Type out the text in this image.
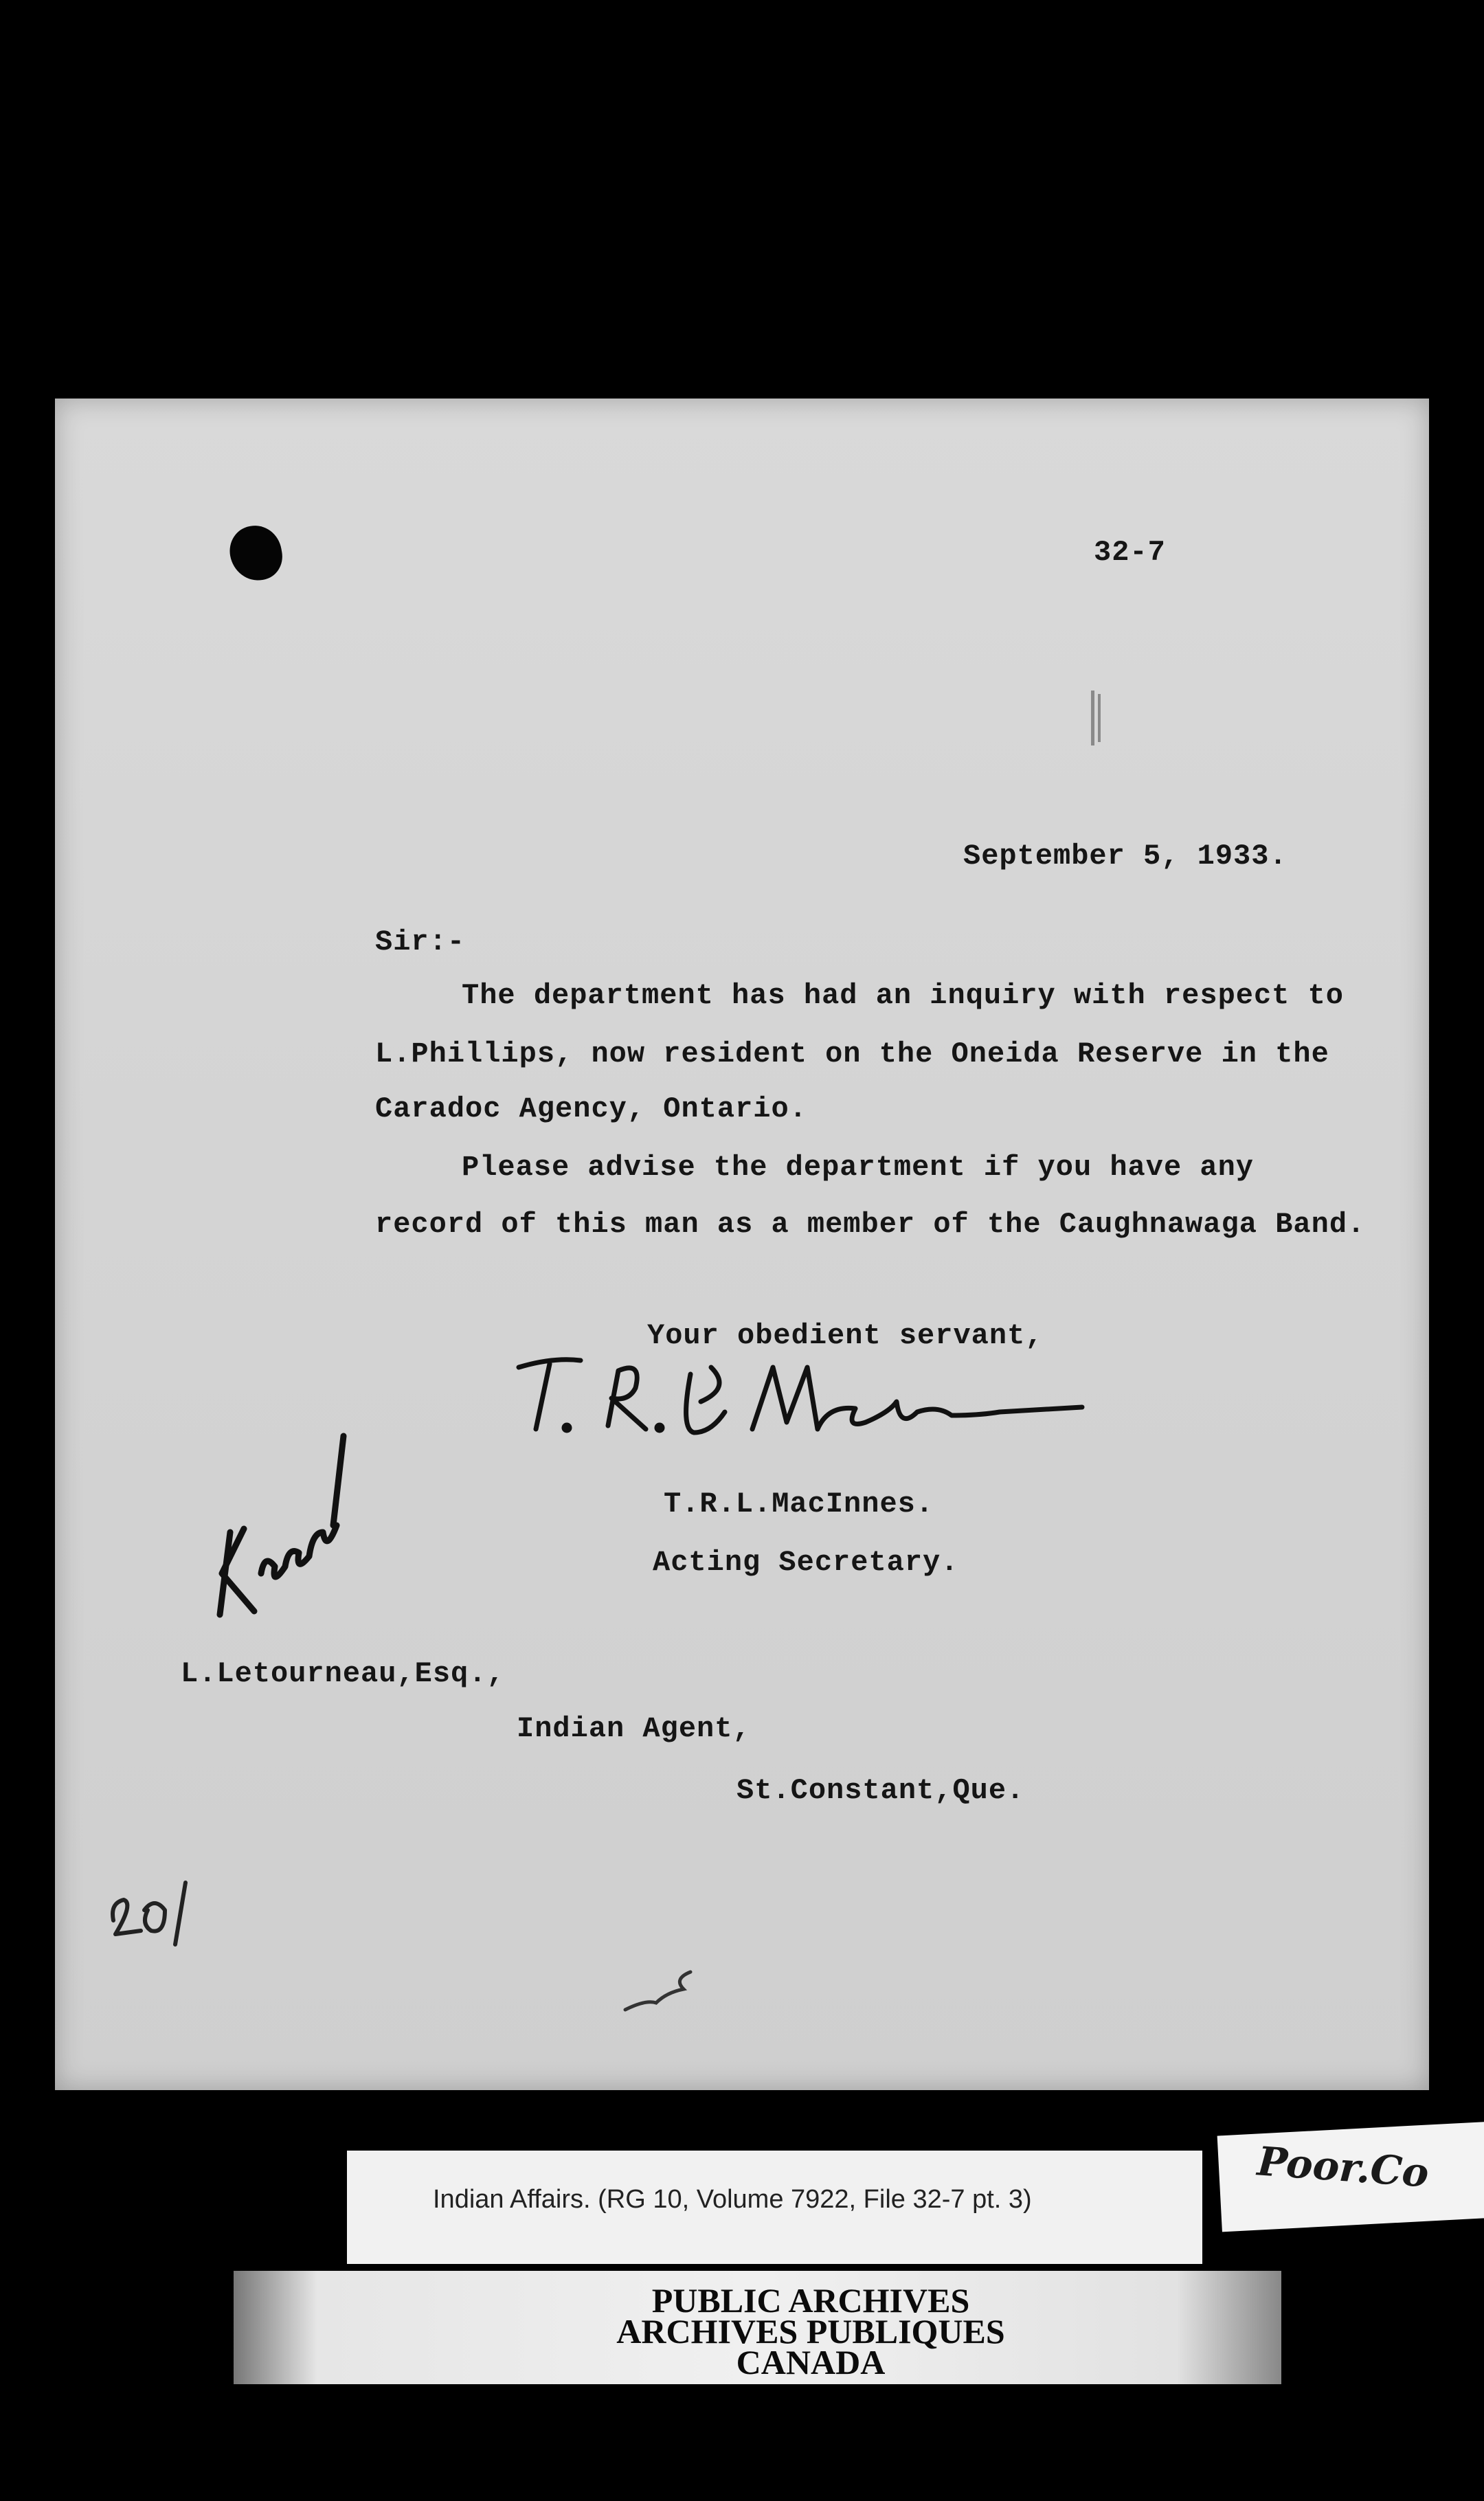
32-7
September 5, 1933.
Sir:-
The department has had an inquiry with respect to
L.Phillips, now resident on the Oneida Reserve in the
Caradoc Agency, Ontario.
Please advise the department if you have any
record of this man as a member of the Caughnawaga Band.
Your obedient servant,
T.R.L.MacInnes.
Acting Secretary.
L.Letourneau,Esq.,
Indian Agent,
St.Constant,Que.
Indian Affairs. (RG 10, Volume 7922, File 32-7 pt. 3)
Poor.Co
PUBLIC ARCHIVES
ARCHIVES PUBLIQUES
CANADA
